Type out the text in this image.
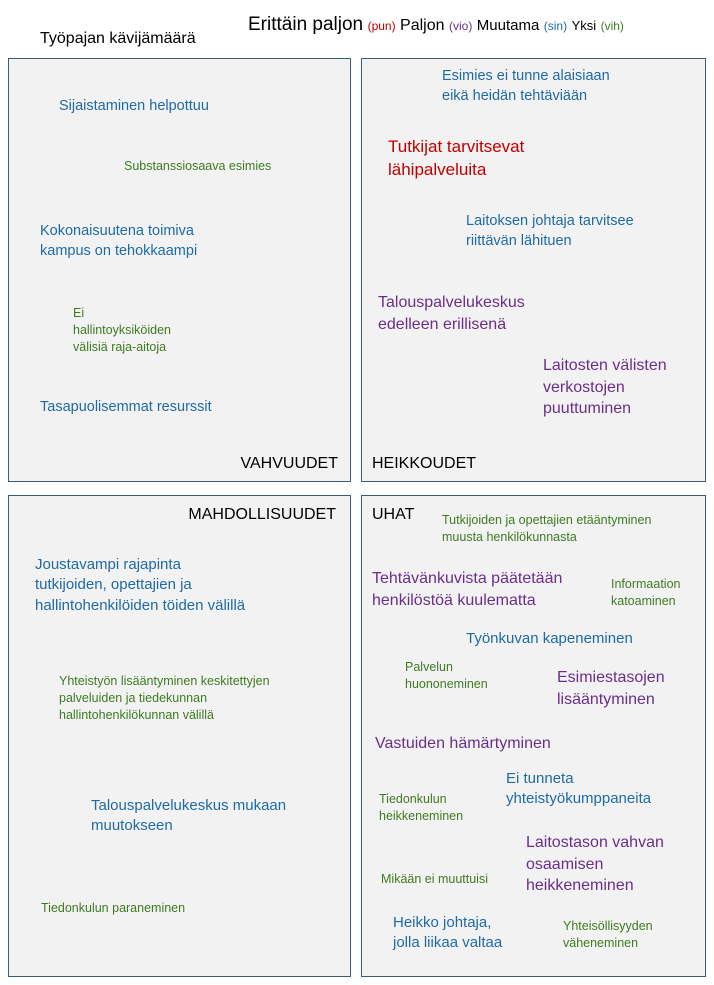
Työpajan kävijämäärä

Erittäin paljon (pun) Paljon (vio) Muutama (sin) Yksi (vih)
VAHVUUDET
Sijaistaminen helpottuu
Substanssiosaava esimies
Kokonaisuutena toimiva
kampus on tehokkaampi
Ei
hallintoyksiköiden
välisiä raja-aitoja
Tasapuolisemmat resurssit
HEIKKOUDET
Esimies ei tunne alaisiaan
eikä heidän tehtäviään
Tutkijat tarvitsevat
lähipalveluita
Laitoksen johtaja tarvitsee
riittävän lähituen
Talouspalvelukeskus
edelleen erillisenä
Laitosten välisten
verkostojen
puuttuminen
MAHDOLLISUUDET
Joustavampi rajapinta
tutkijoiden, opettajien ja
hallintohenkilöiden töiden välillä
Yhteistyön lisääntyminen keskitettyjen
palveluiden ja tiedekunnan
hallintohenkilökunnan välillä
Talouspalvelukeskus mukaan
muutokseen
Tiedonkulun paraneminen
UHAT Tutkijoiden ja opettajien etääntyminen
muusta henkilökunnasta
Tehtävänkuvista päätetään
henkilöstöä kuulematta
Informaation
katoaminen
Työnkuvan kapeneminen
Palvelun
huononeminen	Esimiestasojen
lisääntyminen
Vastuiden hämärtyminen
Ei tunneta
yhteistyökumppaneita
Tiedonkulun
heikkeneminen
Laitostason vahvan
osaamisen
heikkeneminen
Mikään ei muuttuisi
Heikko johtaja,
jolla liikaa valtaa
Yhteisöllisyyden
väheneminen
